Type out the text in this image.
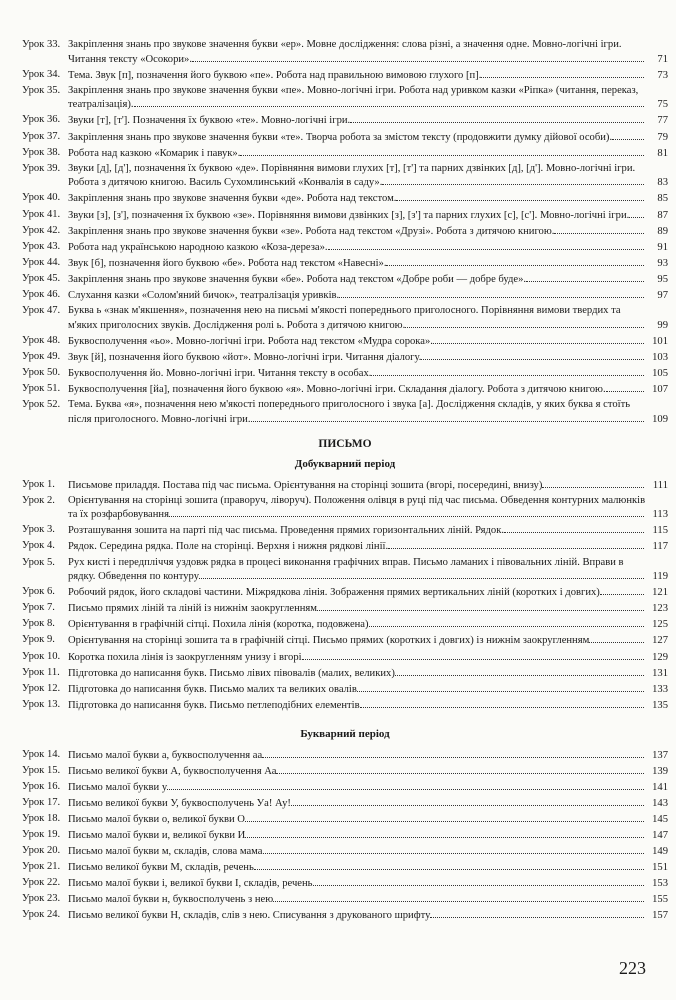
Урок 33. Закріплення знань про звукове значення букви «ер». Мовне дослідження: слова різні, а значення одне. Мовно-логічні ігри. Читання тексту «Осокори».	71
Урок 34. Тема. Звук [п], позначення його буквою «пе». Робота над правильною вимовою глухого [п].	73
Урок 35. Закріплення знань про звукове значення букви «пе». Мовно-логічні ігри. Робота над уривком казки «Ріпка» (читання, переказ, театралізація).	75
Урок 36. Звуки [т], [т']. Позначення їх буквою «те». Мовно-логічні ігри.	77
Урок 37. Закріплення знань про звукове значення букви «те». Творча робота за змістом тексту (продовжити думку дійової особи).	79
Урок 38. Робота над казкою «Комарик і павук».	81
Урок 39. Звуки [д], [д'], позначення їх буквою «де». Порівняння вимови глухих [т], [т'] та парних дзвінких [д], [д']. Мовно-логічні ігри. Робота з дитячою книгою. Василь Сухомлинський «Конвалія в саду».	83
Урок 40. Закріплення знань про звукове значення букви «де». Робота над текстом.	85
Урок 41. Звуки [з], [з'], позначення їх буквою «зе». Порівняння вимови дзвінких [з], [з'] та парних глухих [с], [с']. Мовно-логічні ігри.	87
Урок 42. Закріплення знань про звукове значення букви «зе». Робота над текстом «Друзі». Робота з дитячою книгою.	89
Урок 43. Робота над українською народною казкою «Коза-дереза».	91
Урок 44. Звук [б], позначення його буквою «бе». Робота над текстом «Навесні».	93
Урок 45. Закріплення знань про звукове значення букви «бе». Робота над текстом «Добре роби — добре буде».	95
Урок 46. Слухання казки «Солом'яний бичок», театралізація уривків.	97
Урок 47. Буква ь «знак м'якшення», позначення нею на письмі м'якості попереднього приголосного. Порівняння вимови твердих та м'яких приголосних звуків. Дослідження ролі ь. Робота з дитячою книгою.	99
Урок 48. Буквосполучення «ьо». Мовно-логічні ігри. Робота над текстом «Мудра сорока».	101
Урок 49. Звук [й], позначення його буквою «йот». Мовно-логічні ігри. Читання діалогу.	103
Урок 50. Буквосполучення йо. Мовно-логічні ігри. Читання тексту в особах.	105
Урок 51. Буквосполучення [йа], позначення його буквою «я». Мовно-логічні ігри. Складання діалогу. Робота з дитячою книгою.	107
Урок 52. Тема. Буква «я», позначення нею м'якості попереднього приголосного і звука [а]. Дослідження складів, у яких буква я стоїть після приголосного. Мовно-логічні ігри.	109
ПИСЬМО
Добукварний період
Урок 1.	Письмове приладдя. Постава під час письма. Орієнтування на сторінці зошита (вгорі, посередині, внизу)	111
Урок 2.	Орієнтування на сторінці зошита (праворуч, ліворуч). Положення олівця в руці під час письма. Обведення контурних малюнків та їх розфарбовування	113
Урок 3.	Розташування зошита на парті під час письма. Проведення прямих горизонтальних ліній. Рядок.	115
Урок 4.	Рядок. Середина рядка. Поле на сторінці. Верхня і нижня рядкові лінії.	117
Урок 5.	Рух кисті і передпліччя уздовж рядка в процесі виконання графічних вправ. Письмо ламаних і півовальних ліній. Вправи в рядку. Обведення по контуру	119
Урок 6.	Робочий рядок, його складові частини. Міжрядкова лінія. Зображення прямих вертикальних ліній (коротких і довгих)	121
Урок 7.	Письмо прямих ліній та ліній із нижнім заокругленням	123
Урок 8.	Орієнтування в графічній сітці. Похила лінія (коротка, подовжена)	125
Урок 9.	Орієнтування на сторінці зошита та в графічній сітці. Письмо прямих (коротких і довгих) із нижнім заокругленням	127
Урок 10. Коротка похила лінія із заокругленням унизу і вгорі	129
Урок 11. Підготовка до написання букв. Письмо лівих півовалів (малих, великих)	131
Урок 12. Підготовка до написання букв. Письмо малих та великих овалів	133
Урок 13. Підготовка до написання букв. Письмо петлеподібних елементів	135
Букварний період
Урок 14. Письмо малої букви а, буквосполучення аа	137
Урок 15. Письмо великої букви А, буквосполучення Аа	139
Урок 16. Письмо малої букви у	141
Урок 17. Письмо великої букви У, буквосполучень Уа! Ау!	143
Урок 18. Письмо малої букви о, великої букви О	145
Урок 19. Письмо малої букви и, великої букви И	147
Урок 20. Письмо малої букви м, складів, слова мама	149
Урок 21. Письмо великої букви М, складів, речень	151
Урок 22. Письмо малої букви і, великої букви І, складів, речень	153
Урок 23. Письмо малої букви н, буквосполучень з нею	155
Урок 24. Письмо великої букви Н, складів, слів з нею. Списування з друкованого шрифту	157
223
